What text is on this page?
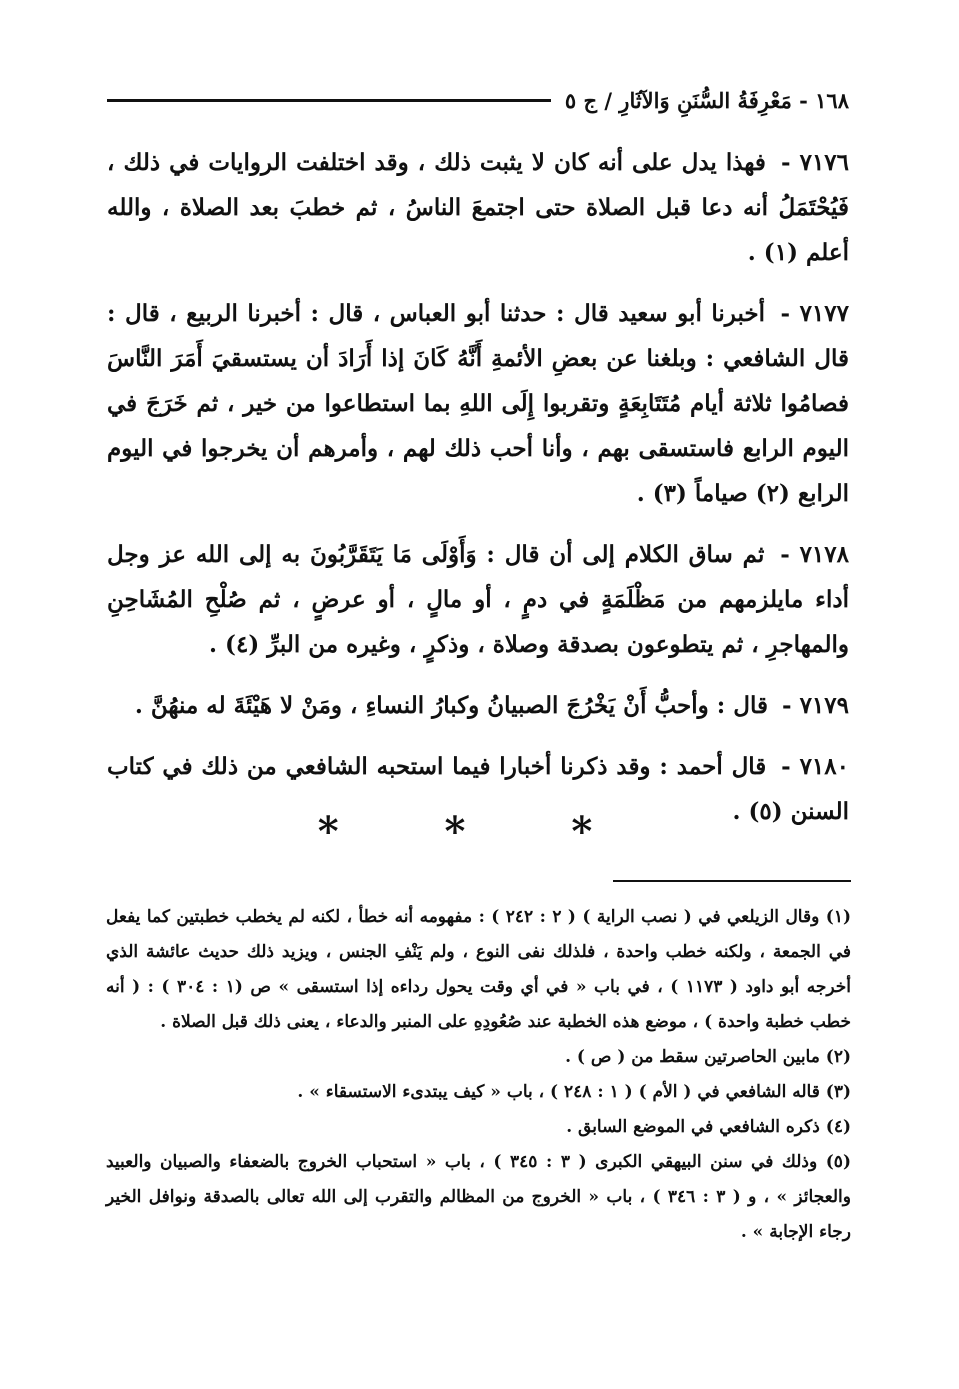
١٦٨ - مَعْرِفَةُ السُّنَنِ وَالآثَارِ / ج ٥

٧١٧٦ - فهذا يدل على أنه كان لا يثبت ذلك ، وقد اختلفت الروايات في ذلك ، فَيُحْتَمَلُ أنه دعا قبل الصلاة حتى اجتمعَ الناسُ ، ثم خطبَ بعد الصلاة ، والله أعلم (١) .

٧١٧٧ - أخبرنا أبو سعيد قال : حدثنا أبو العباس ، قال : أخبرنا الربيع ، قال : قال الشافعي : وبلغنا عن بعضِ الأئمةِ أَنَّهُ كَانَ إذا أَرَادَ أن يستسقيَ أَمَرَ النَّاسَ فصامُوا ثلاثة أيام مُتَتَابِعَةٍ وتقربوا إِلَى اللهِ بما استطاعوا من خير ، ثم خَرَجَ في اليوم الرابع فاستسقى بهم ، وأنا أحب ذلك لهم ، وأمرهم أن يخرجوا في اليوم الرابع (٢) صياماً (٣) .

٧١٧٨ - ثم ساق الكلام إلى أن قال : وَأَوْلَى مَا يَتَقَرَّبُونَ به إلى الله عز وجل أداء مايلزمهم من مَظْلَمَةٍ في دمٍ ، أو مالٍ ، أو عرضٍ ، ثم صُلْحِ المُشَاحِنِ والمهاجرِ ، ثم يتطوعون بصدقة وصلاة ، وذكرٍ ، وغيره من البرِّ (٤) .

٧١٧٩ - قال : وأحبُّ أَنْ يَخْرُجَ الصبيانُ وكبارُ النساءِ ، ومَنْ لا هَيْئَةَ له منهُنَّ .

٧١٨٠ - قال أحمد : وقد ذكرنا أخبارا فيما استحبه الشافعي من ذلك في كتاب السنن (٥) .

* * *

(١) وقال الزيلعي في ( نصب الراية ) ( ٢ : ٢٤٢ ) : مفهومه أنه خطأ ، لكنه لم يخطب خطبتين كما يفعل في الجمعة ، ولكنه خطب واحدة ، فلذلك نفى النوع ، ولم يَنْفِ الجنس ، ويزيد ذلك حديث عائشة الذي أخرجه أبو داود ( ١١٧٣ ) ، في باب « في أي وقت يحول رداءه إذا استسقى » ص (١ : ٣٠٤ ) : ( أنه خطب خطبة واحدة ) ، موضع هذه الخطبة عند صُعُودِهِ على المنبر والدعاء ، يعنى ذلك قبل الصلاة .

(٢) مابين الحاصرتين سقط من ( ص ) .

(٣) قاله الشافعي في ( الأم ) ( ١ : ٢٤٨ ) ، باب « كيف يبتدىء الاستسقاء » .

(٤) ذكره الشافعي في الموضع السابق .

(٥) وذلك في سنن البيهقي الكبرى ( ٣ : ٣٤٥ ) ، باب « استحباب الخروج بالضعفاء والصبيان والعبيد والعجائز » ، و ( ٣ : ٣٤٦ ) ، باب « الخروج من المظالم والتقرب إلى الله تعالى بالصدقة ونوافل الخير رجاء الإجابة » .
